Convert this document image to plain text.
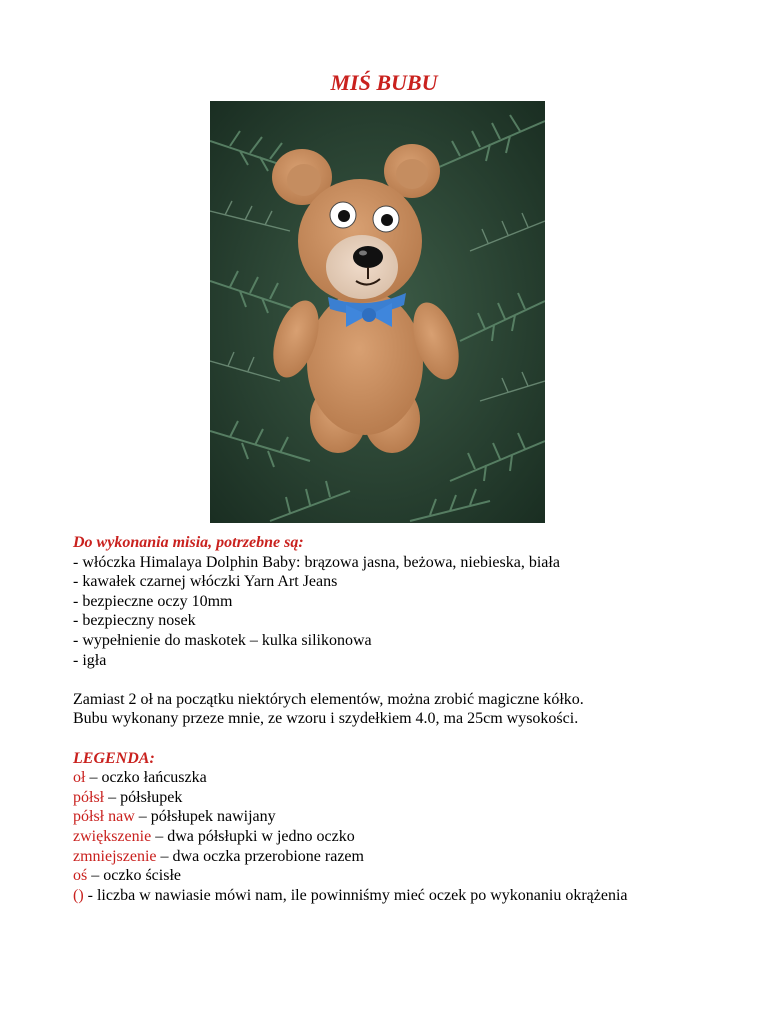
MIŚ BUBU
Do wykonania misia, potrzebne są:
- włóczka Himalaya Dolphin Baby: brązowa jasna, beżowa, niebieska, biała
- kawałek czarnej włóczki Yarn Art Jeans
- bezpieczne oczy 10mm
- bezpieczny nosek
- wypełnienie do maskotek – kulka silikonowa
- igła
Zamiast 2 oł na początku niektórych elementów, można zrobić magiczne kółko.
Bubu wykonany przeze mnie, ze wzoru i szydełkiem 4.0, ma 25cm wysokości.
LEGENDA:
oł – oczko łańcuszka
półsł – półsłupek
półsł naw – półsłupek nawijany
zwiększenie – dwa półsłupki w jedno oczko
zmniejszenie – dwa oczka przerobione razem
oś – oczko ścisłe
() - liczba w nawiasie mówi nam, ile powinniśmy mieć oczek po wykonaniu okrążenia
